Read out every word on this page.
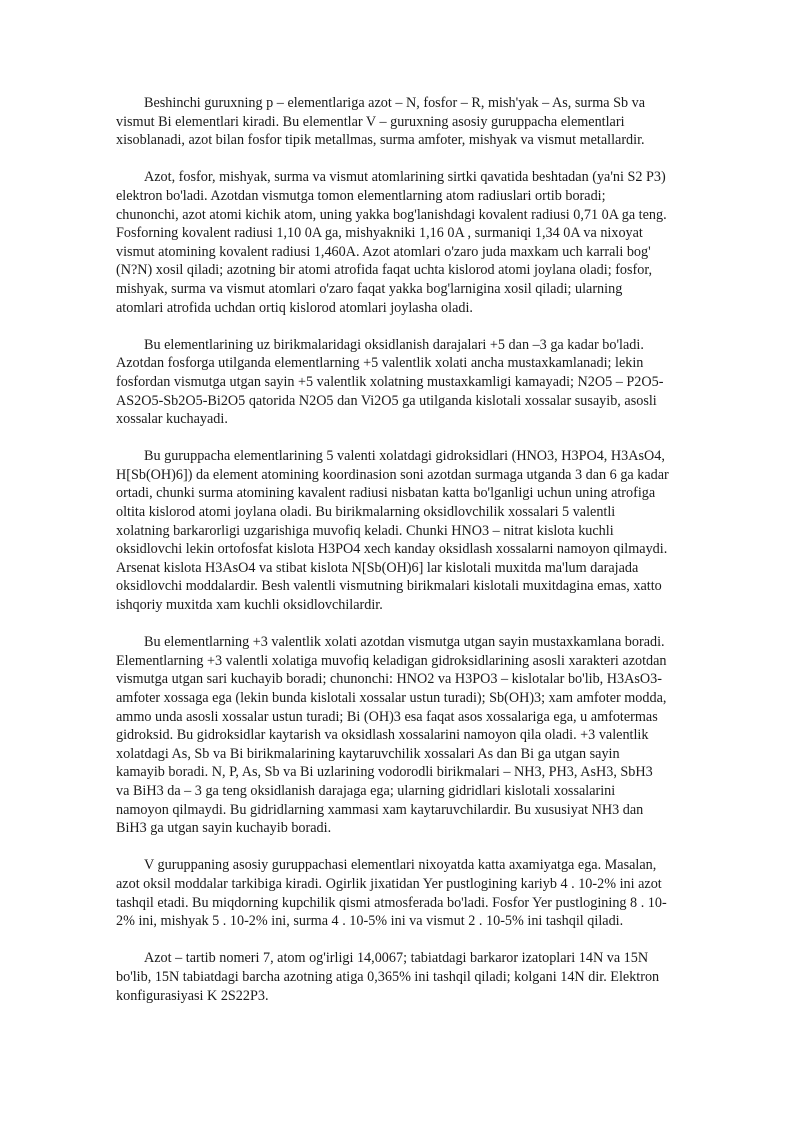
Beshinchi guruxning p – elementlariga azot – N, fosfor – R, mish'yak – As, surma Sb va
vismut Bi elementlari kiradi. Bu elementlar V – guruxning asosiy guruppacha elementlari
xisoblanadi, azot bilan fosfor tipik metallmas, surma amfoter, mishyak va vismut metallardir.
Azot, fosfor, mishyak, surma va vismut atomlarining sirtki qavatida beshtadan (ya'ni S2 P3)
elektron bo'ladi. Azotdan vismutga tomon elementlarning atom radiuslari ortib boradi;
chunonchi, azot atomi kichik atom, uning yakka bog'lanishdagi kovalent radiusi 0,71 0A ga teng.
Fosforning kovalent radiusi 1,10 0A ga, mishyakniki 1,16 0A , surmaniqi 1,34 0A va nixoyat
vismut atomining kovalent radiusi 1,460A. Azot atomlari o'zaro juda maxkam uch karrali bog'
(N?N) xosil qiladi; azotning bir atomi atrofida faqat uchta kislorod atomi joylana oladi; fosfor,
mishyak, surma va vismut atomlari o'zaro faqat yakka bog'larnigina xosil qiladi; ularning
atomlari atrofida uchdan ortiq kislorod atomlari joylasha oladi.
Bu elementlarining uz birikmalaridagi oksidlanish darajalari +5 dan –3 ga kadar bo'ladi.
Azotdan fosforga utilganda elementlarning +5 valentlik xolati ancha mustaxkamlanadi; lekin
fosfordan vismutga utgan sayin +5 valentlik xolatning mustaxkamligi kamayadi; N2O5 – P2O5-
AS2O5-Sb2O5-Bi2O5 qatorida N2O5 dan Vi2O5 ga utilganda kislotali xossalar susayib, asosli
xossalar kuchayadi.
Bu guruppacha elementlarining 5 valenti xolatdagi gidroksidlari (HNO3, H3PO4, H3AsO4,
H[Sb(OH)6]) da element atomining koordinasion soni azotdan surmaga utganda 3 dan 6 ga kadar
ortadi, chunki surma atomining kavalent radiusi nisbatan katta bo'lganligi uchun uning atrofiga
oltita kislorod atomi joylana oladi. Bu birikmalarning oksidlovchilik xossalari 5 valentli
xolatning barkarorligi uzgarishiga muvofiq keladi. Chunki HNO3 – nitrat kislota kuchli
oksidlovchi lekin ortofosfat kislota H3PO4 xech kanday oksidlash xossalarni namoyon qilmaydi.
Arsenat kislota H3AsO4 va stibat kislota N[Sb(OH)6] lar kislotali muxitda ma'lum darajada
oksidlovchi moddalardir. Besh valentli vismutning birikmalari kislotali muxitdagina emas, xatto
ishqoriy muxitda xam kuchli oksidlovchilardir.
Bu elementlarning +3 valentlik xolati azotdan vismutga utgan sayin mustaxkamlana boradi.
Elementlarning +3 valentli xolatiga muvofiq keladigan gidroksidlarining asosli xarakteri azotdan
vismutga utgan sari kuchayib boradi; chunonchi: HNO2 va H3PO3 – kislotalar bo'lib, H3AsO3-
amfoter xossaga ega (lekin bunda kislotali xossalar ustun turadi); Sb(OH)3; xam amfoter modda,
ammo unda asosli xossalar ustun turadi; Bi (OH)3 esa faqat asos xossalariga ega, u amfotermas
gidroksid. Bu gidroksidlar kaytarish va oksidlash xossalarini namoyon qila oladi. +3 valentlik
xolatdagi As, Sb va Bi birikmalarining kaytaruvchilik xossalari As dan Bi ga utgan sayin
kamayib boradi. N, P, As, Sb va Bi uzlarining vodorodli birikmalari – NH3, PH3, AsH3, SbH3
va BiH3 da – 3 ga teng oksidlanish darajaga ega; ularning gidridlari kislotali xossalarini
namoyon qilmaydi. Bu gidridlarning xammasi xam kaytaruvchilardir. Bu xususiyat NH3 dan
BiH3 ga utgan sayin kuchayib boradi.
V guruppaning asosiy guruppachasi elementlari nixoyatda katta axamiyatga ega. Masalan,
azot oksil moddalar tarkibiga kiradi. Ogirlik jixatidan Yer pustlogining kariyb 4 . 10-2% ini azot
tashqil etadi. Bu miqdorning kupchilik qismi atmosferada bo'ladi. Fosfor Yer pustlogining 8 . 10-
2% ini, mishyak 5 . 10-2% ini, surma 4 . 10-5% ini va vismut 2 . 10-5% ini tashqil qiladi.
Azot – tartib nomeri 7, atom og'irligi 14,0067; tabiatdagi barkaror izatoplari 14N va 15N
bo'lib, 15N tabiatdagi barcha azotning atiga 0,365% ini tashqil qiladi; kolgani 14N dir. Elektron
konfigurasiyasi K 2S22P3.
